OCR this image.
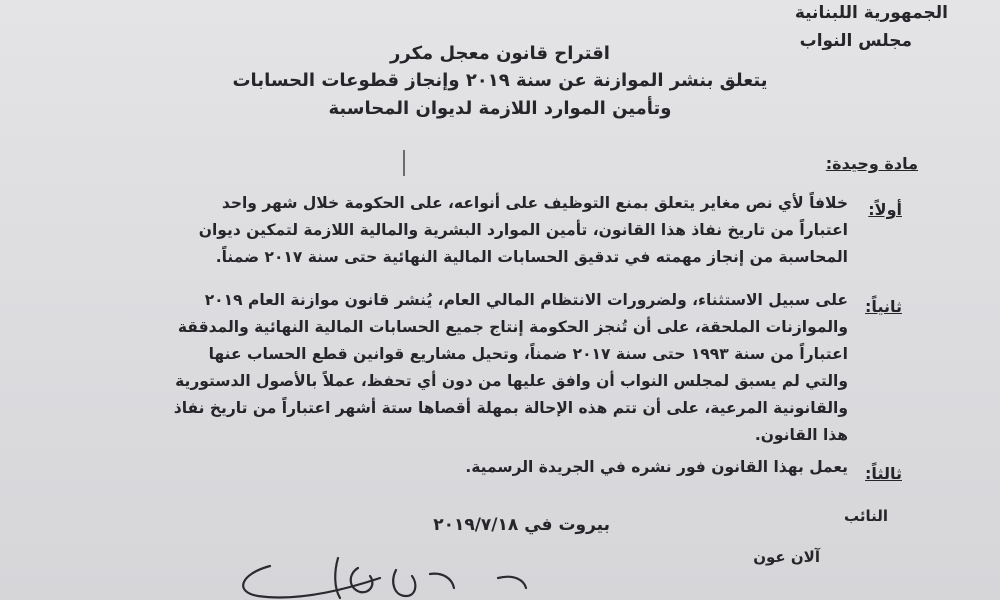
الجمهورية اللبنانية
مجلس النواب
اقتراح قانون معجل مكرر
يتعلق بنشر الموازنة عن سنة ٢٠١٩ وإنجاز قطوعات الحسابات
وتأمين الموارد اللازمة لديوان المحاسبة
مادة وحيدة:
أولاً:
خلافاً لأي نص مغاير يتعلق بمنع التوظيف على أنواعه، على الحكومة خلال شهر واحد
اعتباراً من تاريخ نفاذ هذا القانون، تأمين الموارد البشرية والمالية اللازمة لتمكين ديوان
المحاسبة من إنجاز مهمته في تدقيق الحسابات المالية النهائية حتى سنة ٢٠١٧ ضمناً.
ثانياً:
على سبيل الاستثناء، ولضرورات الانتظام المالي العام، يُنشر قانون موازنة العام ٢٠١٩
والموازنات الملحقة، على أن تُنجز الحكومة إنتاج جميع الحسابات المالية النهائية والمدققة
اعتباراً من سنة ١٩٩٣ حتى سنة ٢٠١٧ ضمناً، وتحيل مشاريع قوانين قطع الحساب عنها
والتي لم يسبق لمجلس النواب أن وافق عليها من دون أي تحفظ، عملاً بالأصول الدستورية
والقانونية المرعية، على أن تتم هذه الإحالة بمهلة أقصاها ستة أشهر اعتباراً من تاريخ نفاذ
هذا القانون.
ثالثاً:
يعمل بهذا القانون فور نشره في الجريدة الرسمية.
بيروت في ٢٠١٩/٧/١٨	النائب
آلان عون
